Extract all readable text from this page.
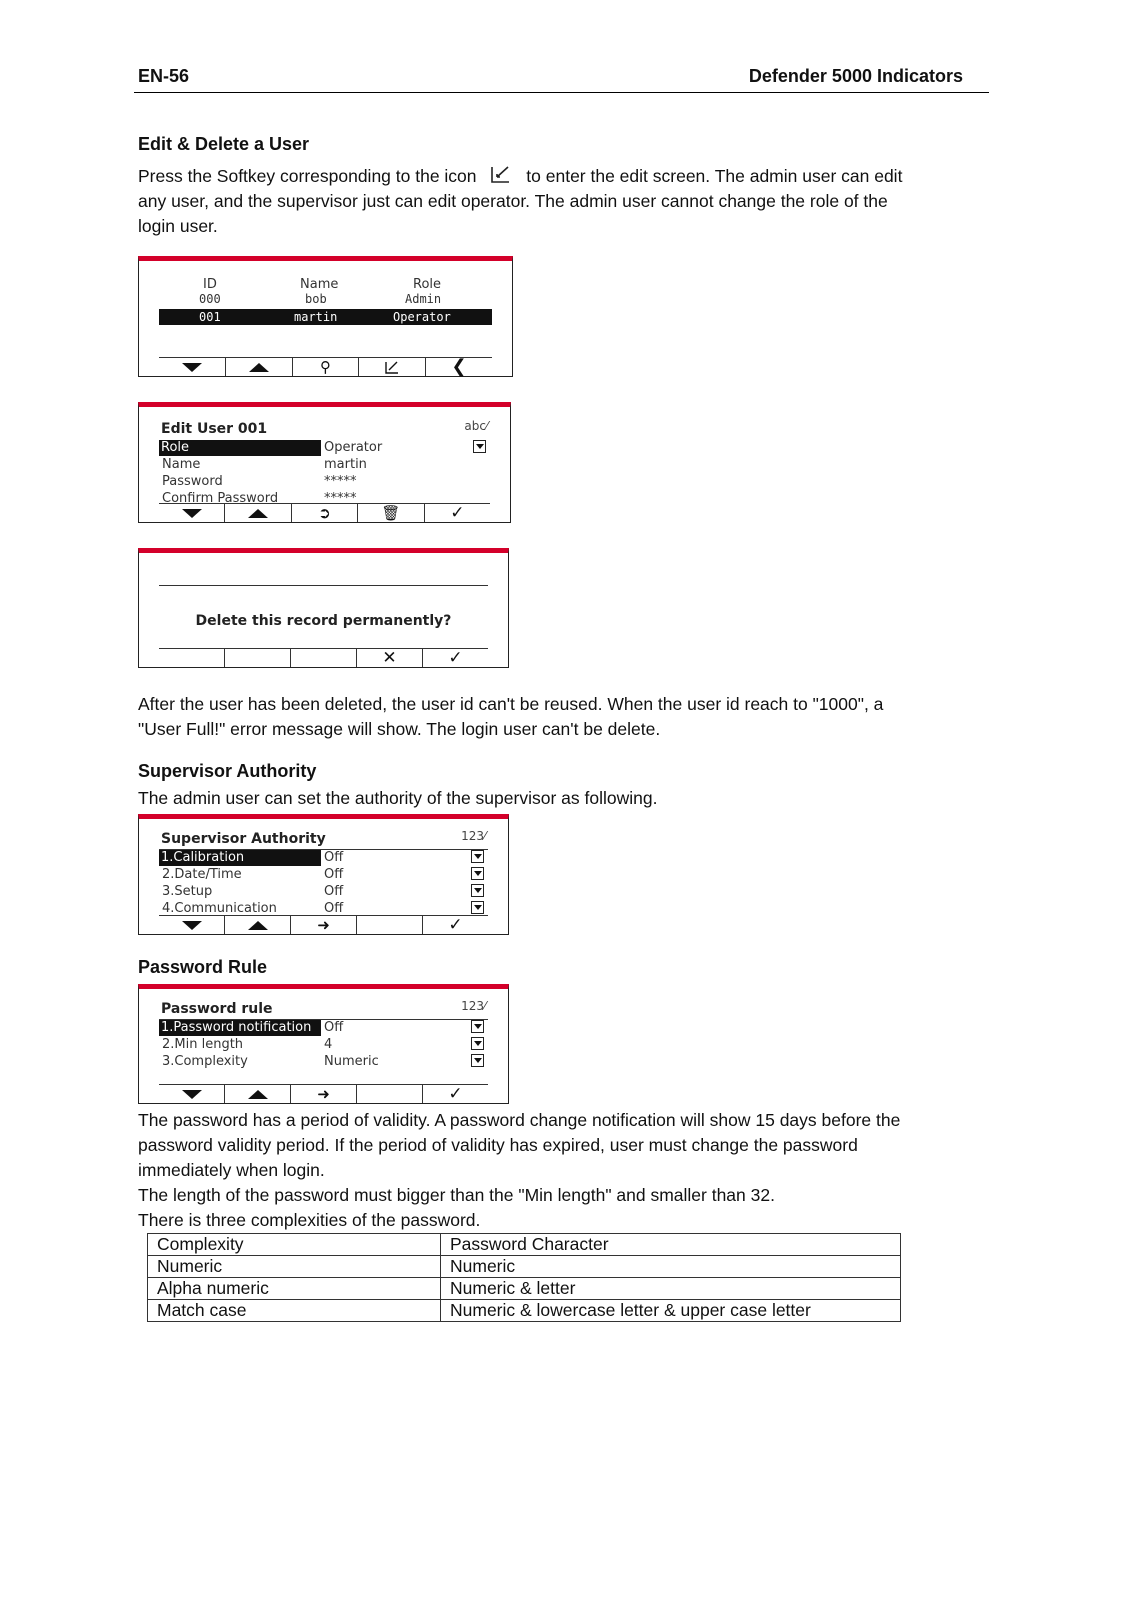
EN-56	Defender 5000 Indicators
Edit & Delete a User
Press the Softkey corresponding to the icon	to enter the edit screen. The admin user can edit
any user, and the supervisor just can edit operator. The admin user cannot change the role of the
login user.
ID	Name	Role
000	bob	Admin
001	martin	Operator
⚲	❮
Edit User 001	abc⁄
Role	Operator
Name	martin
Password	*****
Confirm Password	*****
➲	🗑	✓
Delete this record permanently?
✕	✓
After the user has been deleted, the user id can't be reused. When the user id reach to "1000", a
"User Full!" error message will show. The login user can't be delete.
Supervisor Authority
The admin user can set the authority of the supervisor as following.
Supervisor Authority	123⁄
1.Calibration	Off
2.Date/Time	Off
3.Setup	Off
4.Communication	Off
➜	✓
Password Rule
Password rule	123⁄
1.Password notification Off
2.Min length	4
3.Complexity	Numeric
➜	✓
The password has a period of validity. A password change notification will show 15 days before the
password validity period. If the period of validity has expired, user must change the password
immediately when login.
The length of the password must bigger than the "Min length" and smaller than 32.
There is three complexities of the password.
Complexity	Password Character
Numeric	Numeric
Alpha numeric	Numeric & letter
Match case	Numeric & lowercase letter & upper case letter
